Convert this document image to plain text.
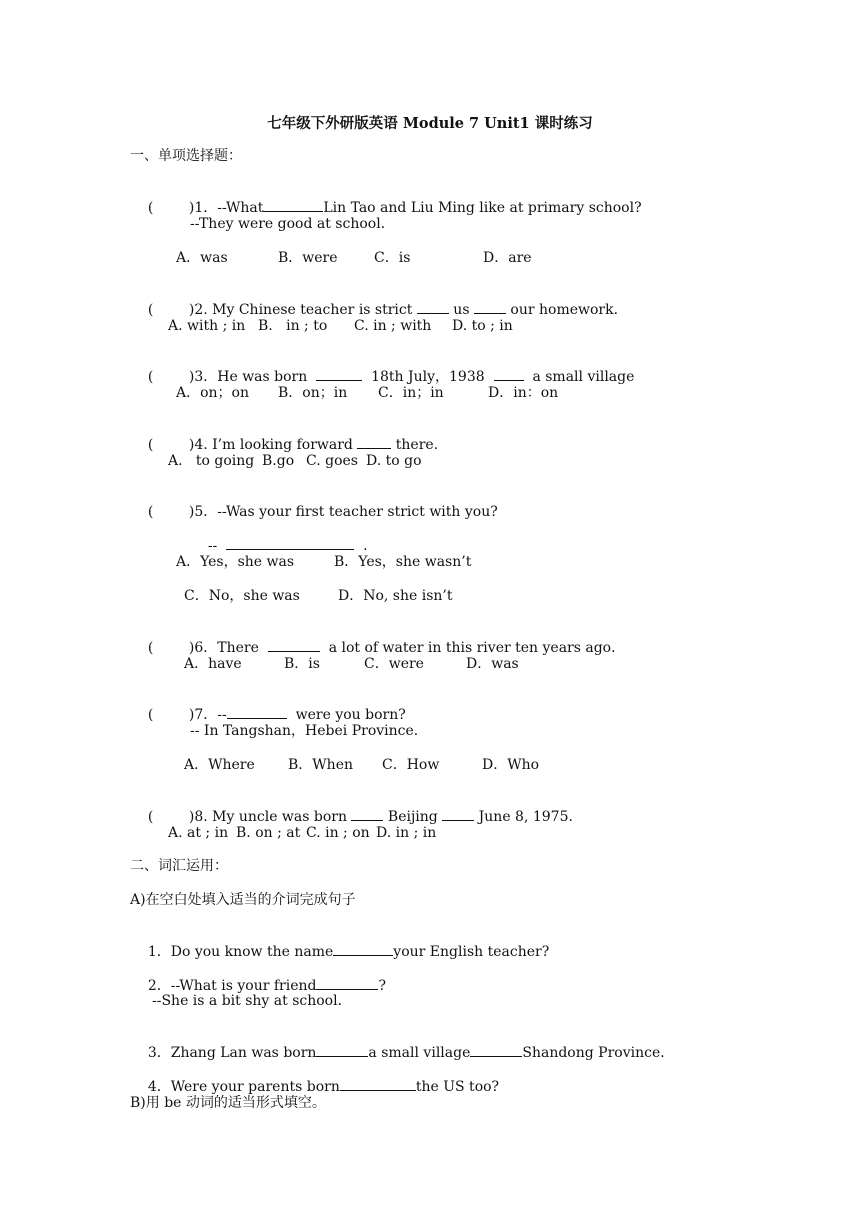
七年级下外研版英语 Module 7 Unit1 课时练习
一、单项选择题：

(        )1．--What	Lin Tao and Liu Ming like at primary school?

--They were good at school．
A．was	B．were	C．is	D．are

(        )2. My Chinese teacher is strict	us	our homework.

A. with ; in B.   in ; to C. in ; with D. to ; in

(        )3．He was born	18th July，1938	a small village

A．on；on B．on；in C．in；in	D．in：on

(        )4. I’m looking forward	there.

A.   to going B.go C. goes D. to go

(        )5．--Was your first teacher strict with you?

--	.

A．Yes，she was	B．Yes，she wasn’t
C．No，she was	D．No, she isn’t

(        )6．There	a lot of water in this river ten years ago．

A．have	B．is	C．were	D．was

(        )7．--	were you born?

-- In Tangshan，Hebei Province．
A．Where B．When C．How	D．Who

(        )8. My uncle was born	Beijing	June 8, 1975.

A. at ; in B. on ; at C. in ; on D. in ; in
二、词汇运用：
A)在空白处填入适当的介词完成句子

1．Do you know the name	your English teacher?

2．--What is your friend	?

--She is a bit shy at school．

3．Zhang Lan was born	a small village	Shandong Province．

4．Were your parents born	the US too?

B)用 be 动词的适当形式填空。
